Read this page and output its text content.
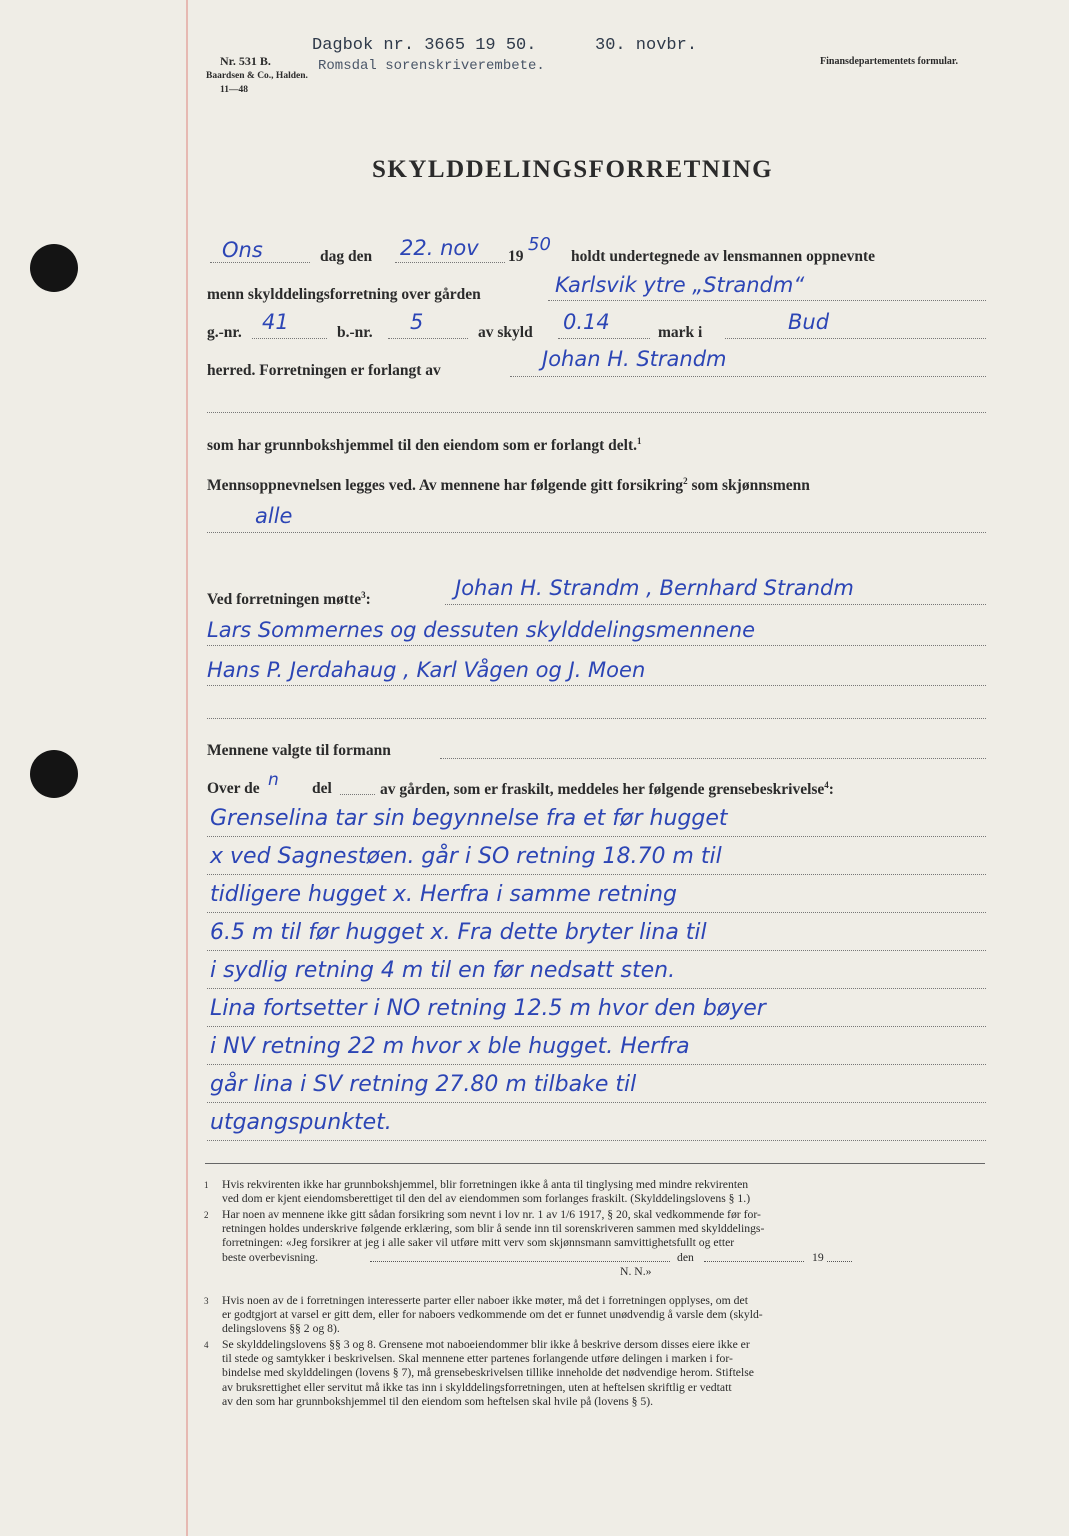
Nr. 531 B.
Baardsen & Co., Halden.
11—48
Dagbok nr. 3665 19 50.	30. novbr.
Romsdal sorenskriverembete.	Finansdepartementets formular.
SKYLDDELINGSFORRETNING
Ons	dag den 22. nov 19
50
holdt undertegnede av lensmannen oppnevnte
menn skylddelingsforretning over gården	Karlsvik ytre „Strandm“
g.-nr. 41	b.-nr. 5	av skyld 0.14	mark i	Bud
herred. Forretningen er forlangt av	Johan H. Strandm
som har grunnbokshjemmel til den eiendom som er forlangt delt.$^1$
Mennsoppnevnelsen legges ved. Av mennene har følgende gitt forsikring$^2$ som skjønnsmenn
alle
Ved forretningen møtte$^3$:	Johan H. Strandm , Bernhard Strandm
Lars Sommernes og dessuten skylddelingsmennene
Hans P. Jerdahaug , Karl Vågen og J. Moen
Mennene valgte til formann
Over de n del	av gården, som er fraskilt, meddeles her følgende grensebeskrivelse$^4$:
Grenselina tar sin begynnelse fra et før hugget
x ved Sagnestøen. går i SO retning 18.70 m til
tidligere hugget x. Herfra i samme retning
6.5 m til før hugget x. Fra dette bryter lina til
i sydlig retning 4 m til en før nedsatt sten.
Lina fortsetter i NO retning 12.5 m hvor den bøyer
i NV retning 22 m hvor x ble hugget. Herfra
går lina i SV retning 27.80 m tilbake til
utgangspunktet.
1 Hvis rekvirenten ikke har grunnbokshjemmel, blir forretningen ikke å anta til tinglysing med mindre rekvirenten
ved dom er kjent eiendomsberettiget til den del av eiendommen som forlanges fraskilt. (Skylddelingslovens § 1.)
2 Har noen av mennene ikke gitt sådan forsikring som nevnt i lov nr. 1 av 1/6 1917, § 20, skal vedkommende før for-
retningen holdes underskrive følgende erklæring, som blir å sende inn til sorenskriveren sammen med skylddelings-
forretningen: «Jeg forsikrer at jeg i alle saker vil utføre mitt verv som skjønnsmann samvittighetsfullt og etter
beste overbevisning.	den	19
N. N.»
3 Hvis noen av de i forretningen interesserte parter eller naboer ikke møter, må det i forretningen opplyses, om det
er godtgjort at varsel er gitt dem, eller for naboers vedkommende om det er funnet unødvendig å varsle dem (skyld-
delingslovens §§ 2 og 8).
4 Se skylddelingslovens §§ 3 og 8. Grensene mot naboeiendommer blir ikke å beskrive dersom disses eiere ikke er
til stede og samtykker i beskrivelsen. Skal mennene etter partenes forlangende utføre delingen i marken i for-
bindelse med skylddelingen (lovens § 7), må grensebeskrivelsen tillike inneholde det nødvendige herom. Stiftelse
av bruksrettighet eller servitut må ikke tas inn i skylddelingsforretningen, uten at heftelsen skriftlig er vedtatt
av den som har grunnbokshjemmel til den eiendom som heftelsen skal hvile på (lovens § 5).
